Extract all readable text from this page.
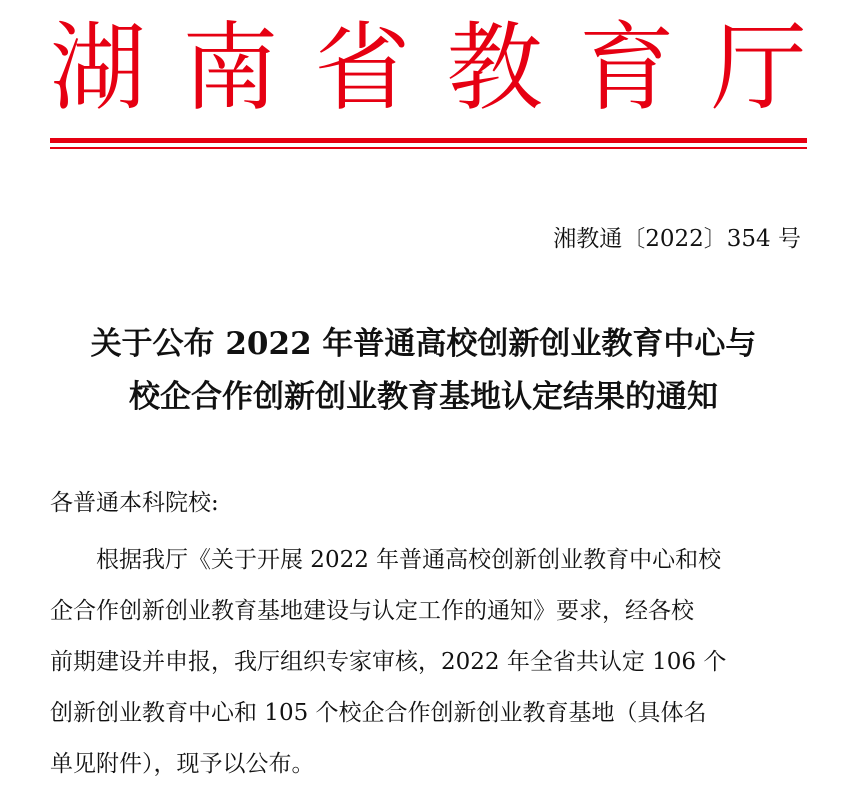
湖 南 省 教 育 厅
湘教通〔2022〕354 号
关于公布 2022 年普通高校创新创业教育中心与
校企合作创新创业教育基地认定结果的通知
各普通本科院校:
根据我厅《关于开展 2022 年普通高校创新创业教育中心和校
企合作创新创业教育基地建设与认定工作的通知》要求，经各校
前期建设并申报，我厅组织专家审核，2022 年全省共认定 106 个
创新创业教育中心和 105 个校企合作创新创业教育基地（具体名
单见附件），现予以公布。
